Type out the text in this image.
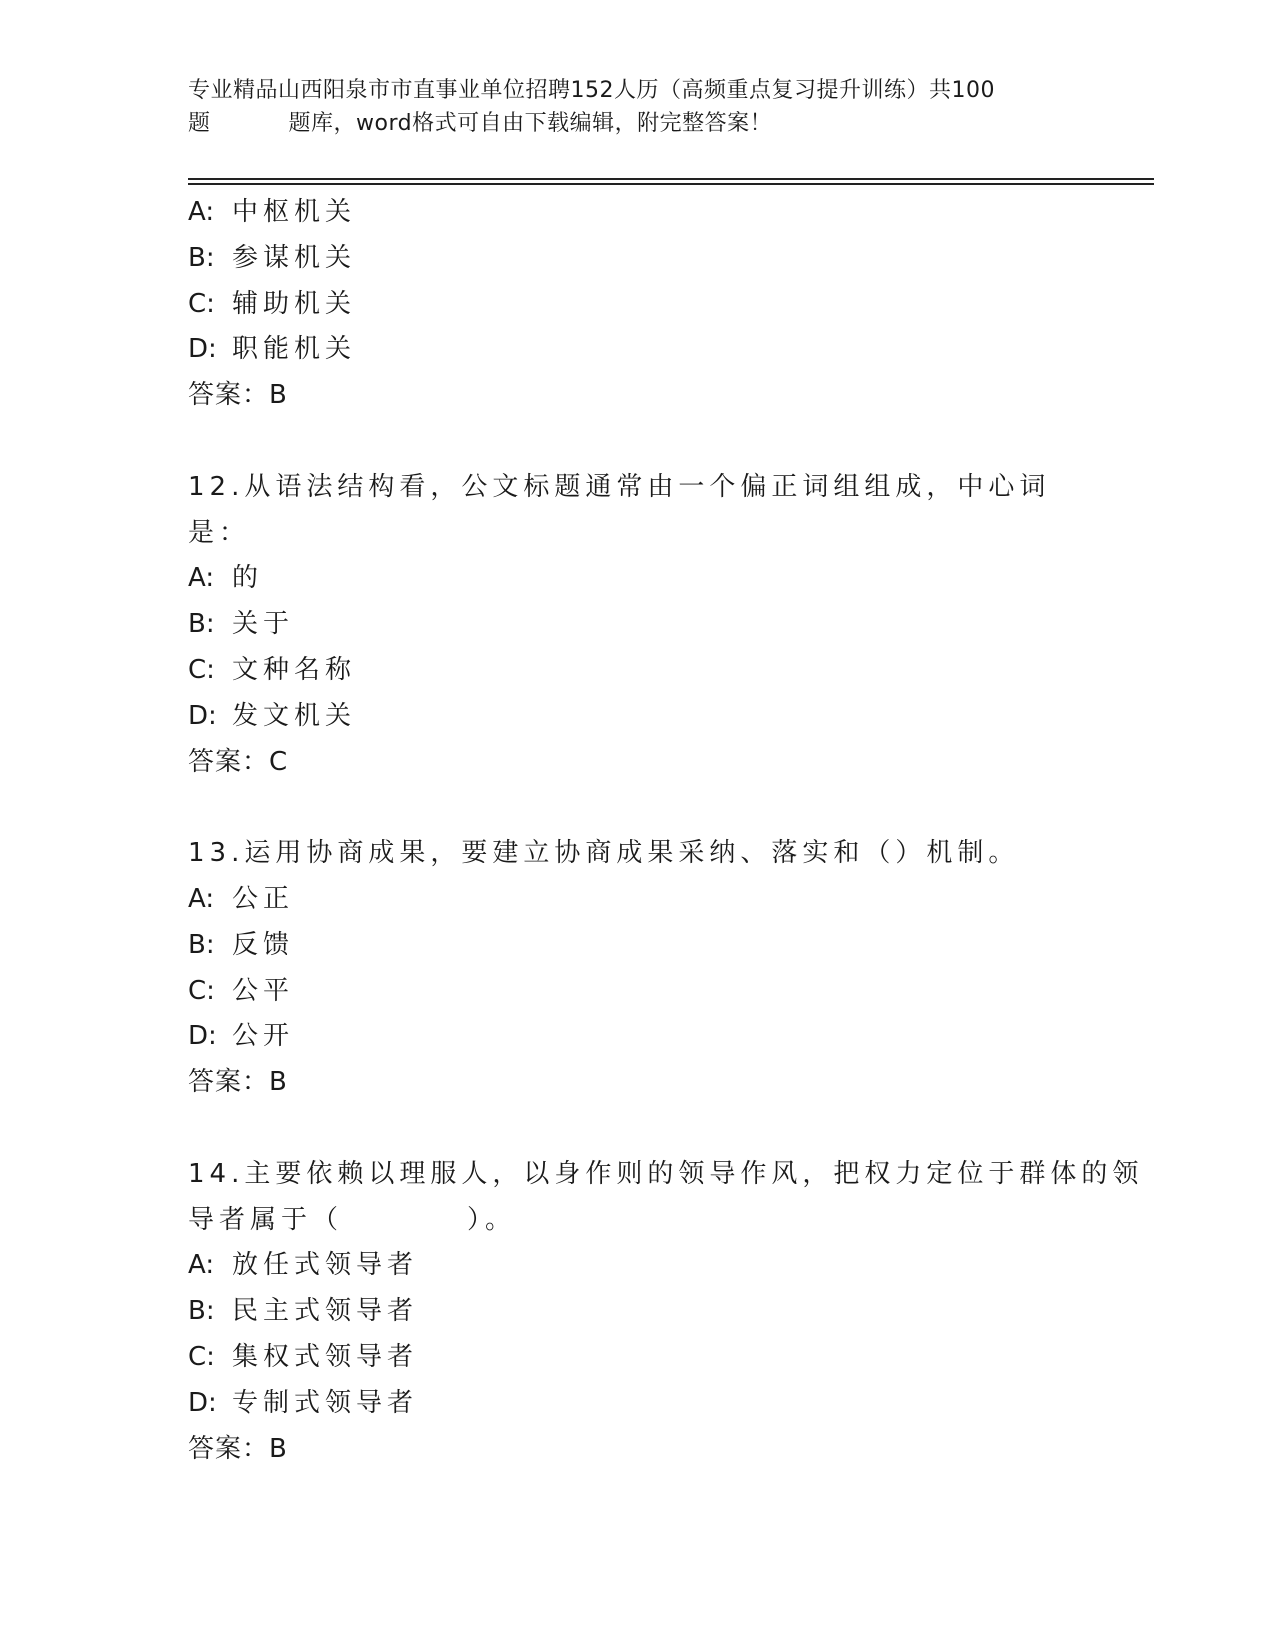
专业精品山西阳泉市市直事业单位招聘152人历（高频重点复习提升训练）共100
题	题库，word格式可自由下载编辑，附完整答案！
A: 中枢机关
B: 参谋机关
C: 辅助机关
D: 职能机关
答案：B
12.从语法结构看，公文标题通常由一个偏正词组组成，中心词是：
A: 的
B: 关于
C: 文种名称
D: 发文机关
答案：C
13.运用协商成果，要建立协商成果采纳、落实和（）机制。
A: 公正
B: 反馈
C: 公平
D: 公开
答案：B
14.主要依赖以理服人，以身作则的领导作风，把权力定位于群体的领
导者属于（　　　　）。
A: 放任式领导者
B: 民主式领导者
C: 集权式领导者
D: 专制式领导者
答案：B
